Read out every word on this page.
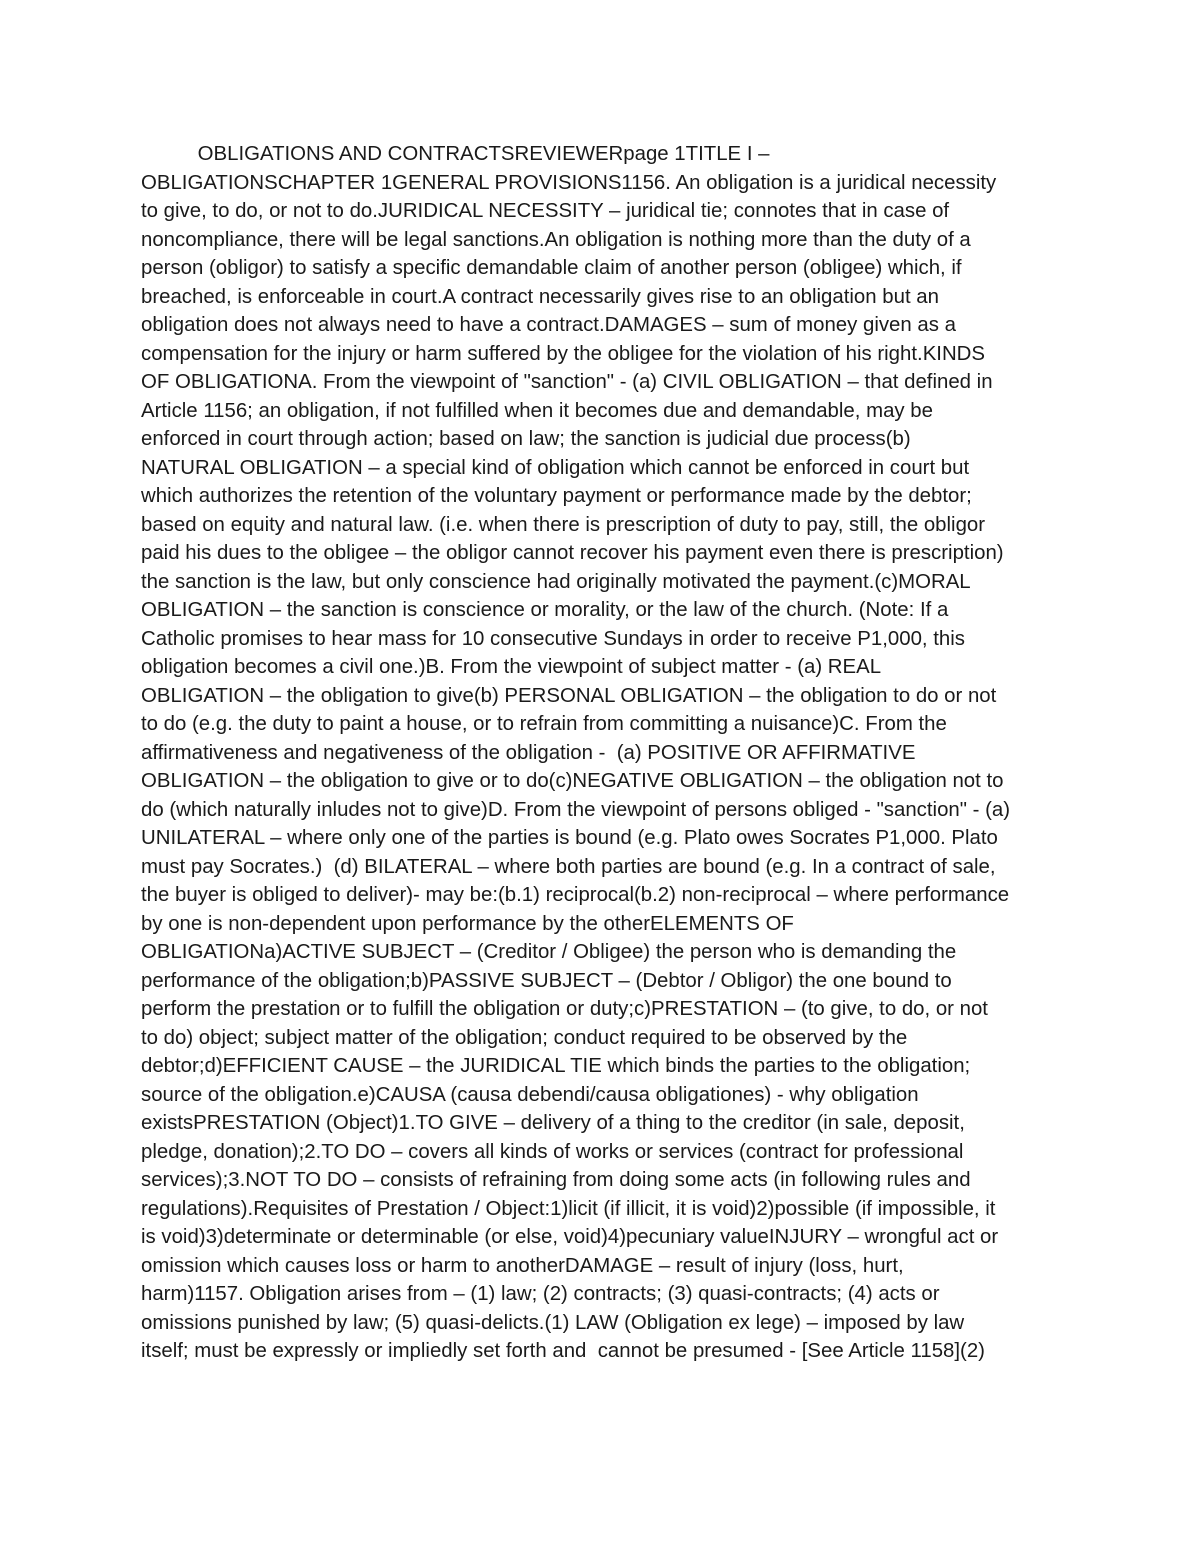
OBLIGATIONS AND CONTRACTSREVIEWERpage 1TITLE I –
OBLIGATIONSCHAPTER 1GENERAL PROVISIONS1156. An obligation is a juridical necessity
to give, to do, or not to do.JURIDICAL NECESSITY – juridical tie; connotes that in case of
noncompliance, there will be legal sanctions.An obligation is nothing more than the duty of a
person (obligor) to satisfy a specific demandable claim of another person (obligee) which, if
breached, is enforceable in court.A contract necessarily gives rise to an obligation but an
obligation does not always need to have a contract.DAMAGES – sum of money given as a
compensation for the injury or harm suffered by the obligee for the violation of his right.KINDS
OF OBLIGATIONA. From the viewpoint of "sanction" - (a) CIVIL OBLIGATION – that defined in
Article 1156; an obligation, if not fulfilled when it becomes due and demandable, may be
enforced in court through action; based on law; the sanction is judicial due process(b)
NATURAL OBLIGATION – a special kind of obligation which cannot be enforced in court but
which authorizes the retention of the voluntary payment or performance made by the debtor;
based on equity and natural law. (i.e. when there is prescription of duty to pay, still, the obligor
paid his dues to the obligee – the obligor cannot recover his payment even there is prescription)
the sanction is the law, but only conscience had originally motivated the payment.(c)MORAL
OBLIGATION – the sanction is conscience or morality, or the law of the church. (Note: If a
Catholic promises to hear mass for 10 consecutive Sundays in order to receive P1,000, this
obligation becomes a civil one.)B. From the viewpoint of subject matter - (a) REAL
OBLIGATION – the obligation to give(b) PERSONAL OBLIGATION – the obligation to do or not
to do (e.g. the duty to paint a house, or to refrain from committing a nuisance)C. From the
affirmativeness and negativeness of the obligation -  (a) POSITIVE OR AFFIRMATIVE
OBLIGATION – the obligation to give or to do(c)NEGATIVE OBLIGATION – the obligation not to
do (which naturally inludes not to give)D. From the viewpoint of persons obliged - "sanction" - (a)
UNILATERAL – where only one of the parties is bound (e.g. Plato owes Socrates P1,000. Plato
must pay Socrates.)  (d) BILATERAL – where both parties are bound (e.g. In a contract of sale,
the buyer is obliged to deliver)- may be:(b.1) reciprocal(b.2) non-reciprocal – where performance
by one is non-dependent upon performance by the otherELEMENTS OF
OBLIGATIONa)ACTIVE SUBJECT – (Creditor / Obligee) the person who is demanding the
performance of the obligation;b)PASSIVE SUBJECT – (Debtor / Obligor) the one bound to
perform the prestation or to fulfill the obligation or duty;c)PRESTATION – (to give, to do, or not
to do) object; subject matter of the obligation; conduct required to be observed by the
debtor;d)EFFICIENT CAUSE – the JURIDICAL TIE which binds the parties to the obligation;
source of the obligation.e)CAUSA (causa debendi/causa obligationes) - why obligation
existsPRESTATION (Object)1.TO GIVE – delivery of a thing to the creditor (in sale, deposit,
pledge, donation);2.TO DO – covers all kinds of works or services (contract for professional
services);3.NOT TO DO – consists of refraining from doing some acts (in following rules and
regulations).Requisites of Prestation / Object:1)licit (if illicit, it is void)2)possible (if impossible, it
is void)3)determinate or determinable (or else, void)4)pecuniary valueINJURY – wrongful act or
omission which causes loss or harm to anotherDAMAGE – result of injury (loss, hurt,
harm)1157. Obligation arises from – (1) law; (2) contracts; (3) quasi-contracts; (4) acts or
omissions punished by law; (5) quasi-delicts.(1) LAW (Obligation ex lege) – imposed by law
itself; must be expressly or impliedly set forth and  cannot be presumed - [See Article 1158](2)
